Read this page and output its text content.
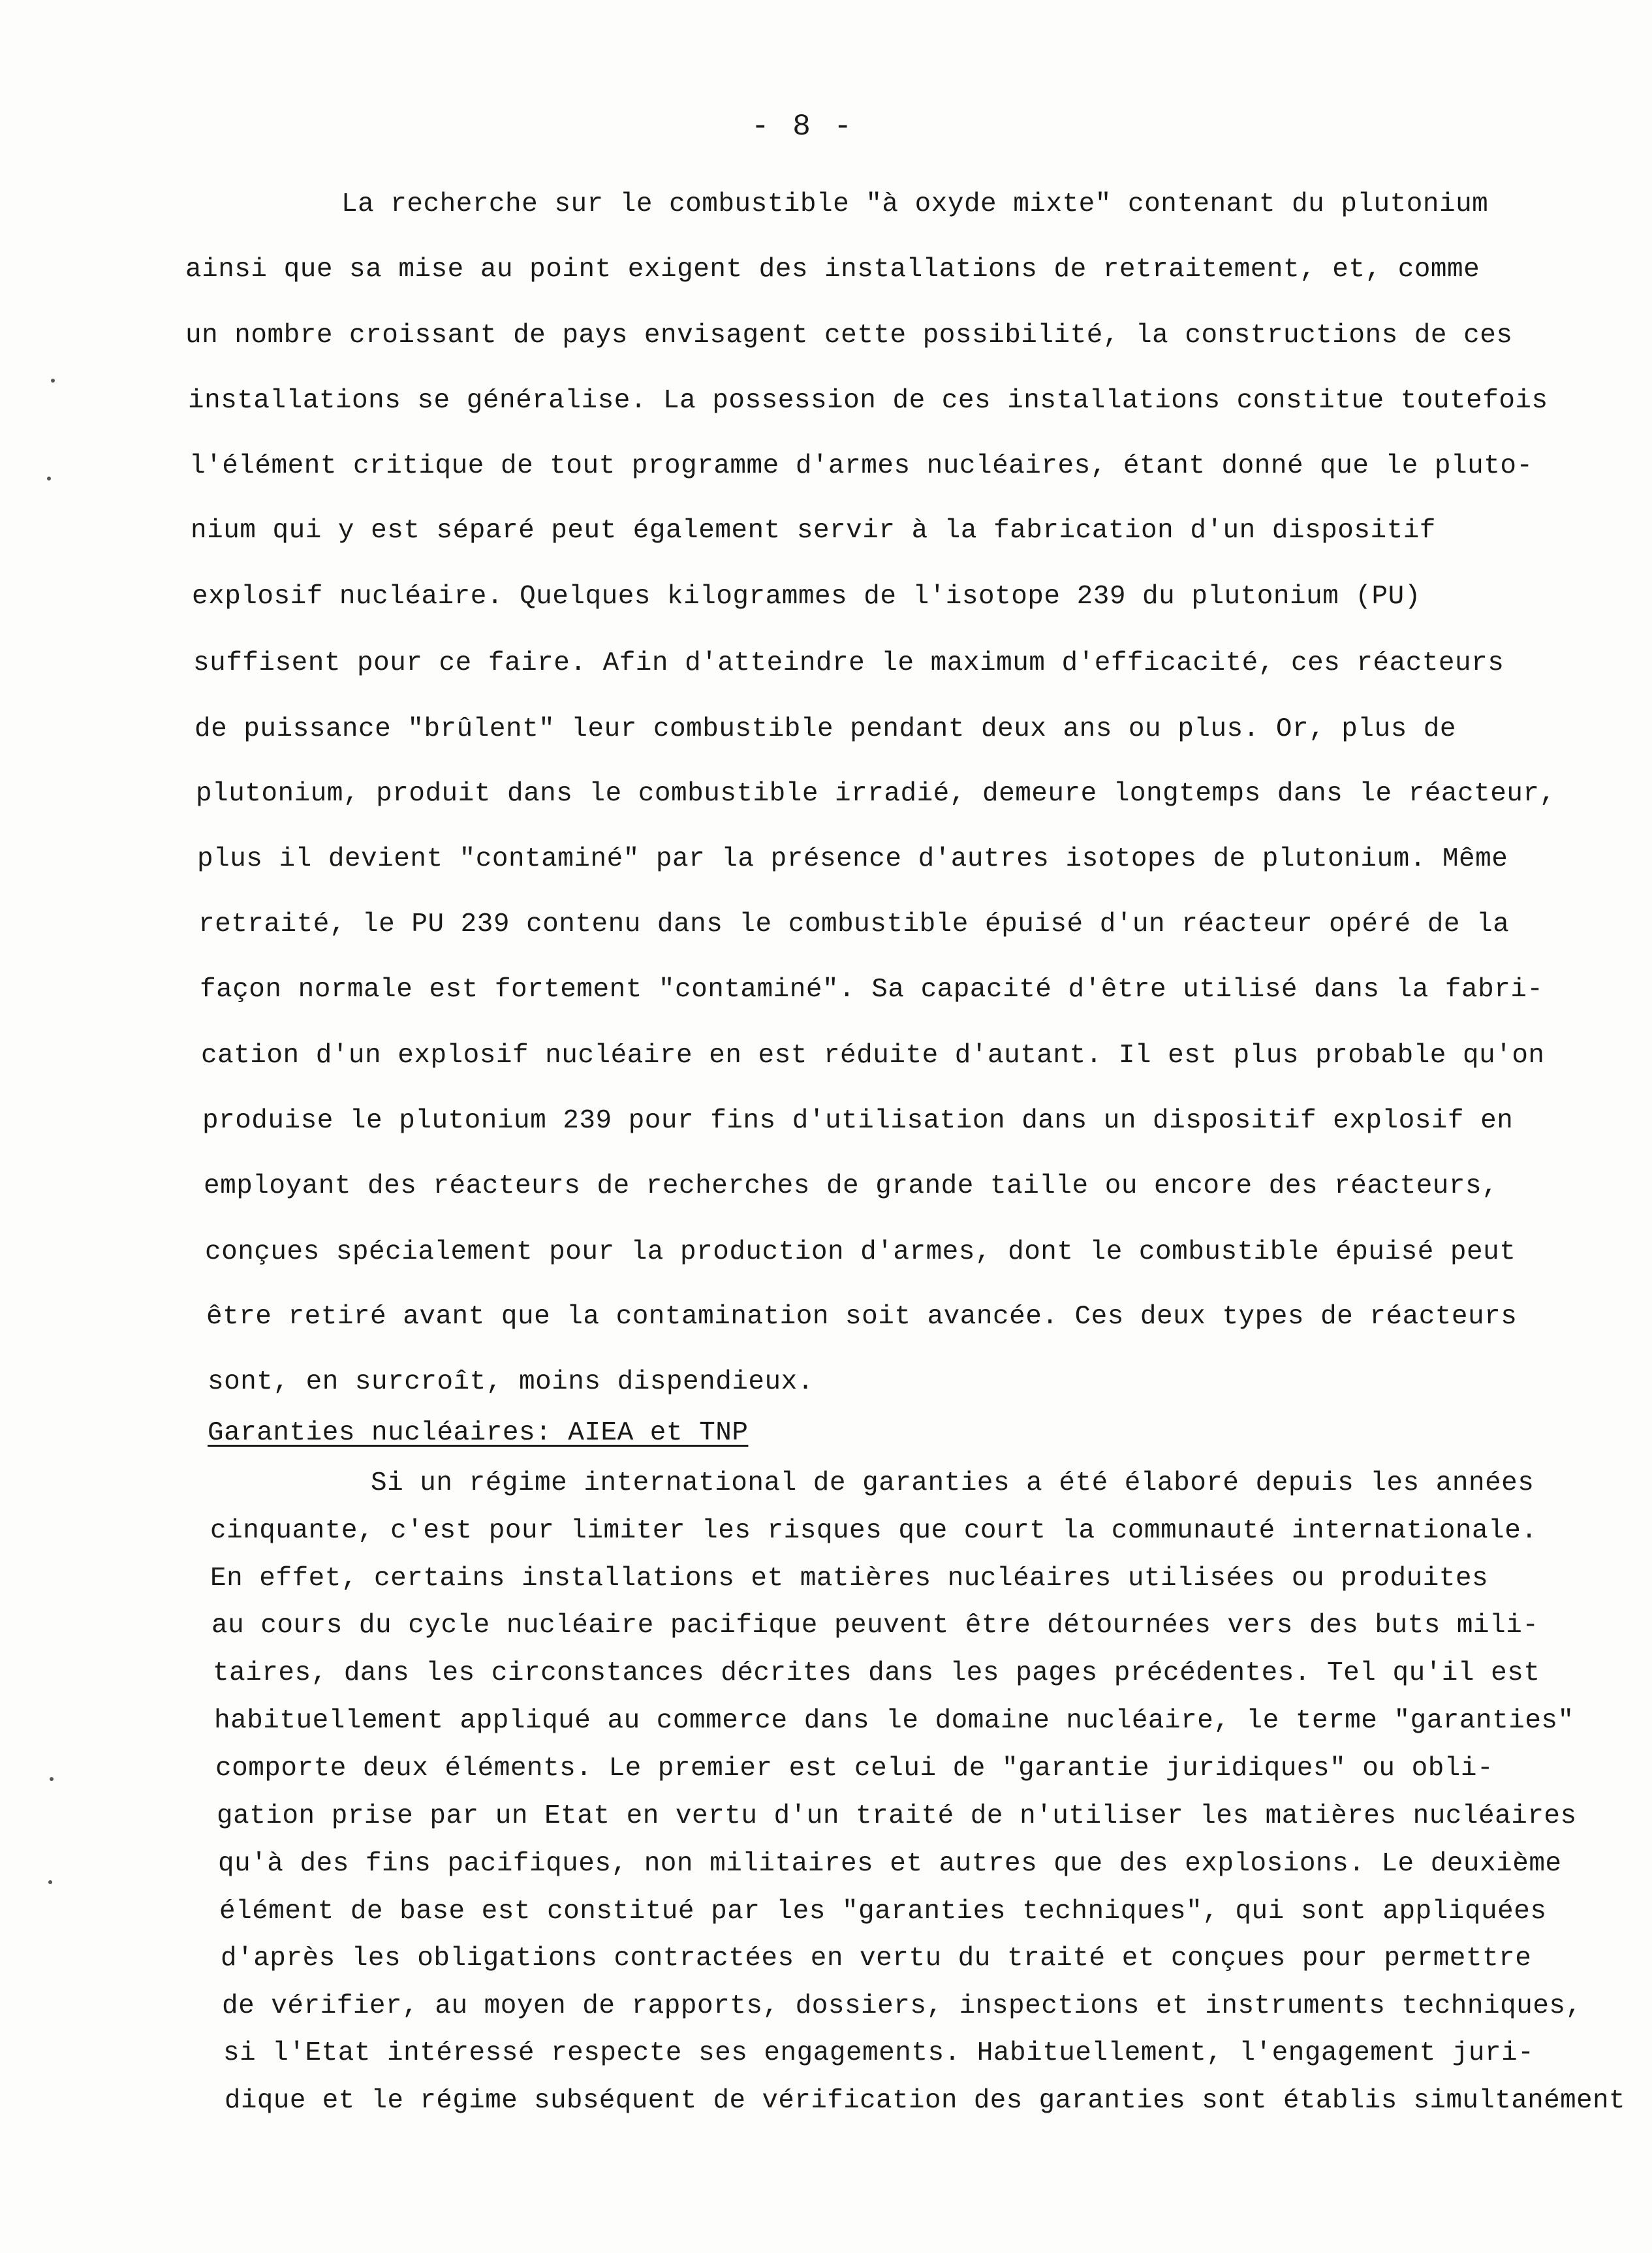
- 8 -
La recherche sur le combustible "à oxyde mixte" contenant du plutonium
ainsi que sa mise au point exigent des installations de retraitement, et, comme
un nombre croissant de pays envisagent cette possibilité, la constructions de ces
installations se généralise. La possession de ces installations constitue toutefois
l'élément critique de tout programme d'armes nucléaires, étant donné que le pluto-
nium qui y est séparé peut également servir à la fabrication d'un dispositif
explosif nucléaire. Quelques kilogrammes de l'isotope 239 du plutonium (PU)
suffisent pour ce faire. Afin d'atteindre le maximum d'efficacité, ces réacteurs
de puissance "brûlent" leur combustible pendant deux ans ou plus. Or, plus de
plutonium, produit dans le combustible irradié, demeure longtemps dans le réacteur,
plus il devient "contaminé" par la présence d'autres isotopes de plutonium. Même
retraité, le PU 239 contenu dans le combustible épuisé d'un réacteur opéré de la
façon normale est fortement "contaminé". Sa capacité d'être utilisé dans la fabri-
cation d'un explosif nucléaire en est réduite d'autant. Il est plus probable qu'on
produise le plutonium 239 pour fins d'utilisation dans un dispositif explosif en
employant des réacteurs de recherches de grande taille ou encore des réacteurs,
conçues spécialement pour la production d'armes, dont le combustible épuisé peut
être retiré avant que la contamination soit avancée. Ces deux types de réacteurs
sont, en surcroît, moins dispendieux.
Garanties nucléaires: AIEA et TNP
Si un régime international de garanties a été élaboré depuis les années
cinquante, c'est pour limiter les risques que court la communauté internationale.
En effet, certains installations et matières nucléaires utilisées ou produites
au cours du cycle nucléaire pacifique peuvent être détournées vers des buts mili-
taires, dans les circonstances décrites dans les pages précédentes. Tel qu'il est
habituellement appliqué au commerce dans le domaine nucléaire, le terme "garanties"
comporte deux éléments. Le premier est celui de "garantie juridiques" ou obli-
gation prise par un Etat en vertu d'un traité de n'utiliser les matières nucléaires
qu'à des fins pacifiques, non militaires et autres que des explosions. Le deuxième
élément de base est constitué par les "garanties techniques", qui sont appliquées
d'après les obligations contractées en vertu du traité et conçues pour permettre
de vérifier, au moyen de rapports, dossiers, inspections et instruments techniques,
si l'Etat intéressé respecte ses engagements. Habituellement, l'engagement juri-
dique et le régime subséquent de vérification des garanties sont établis simultanément
